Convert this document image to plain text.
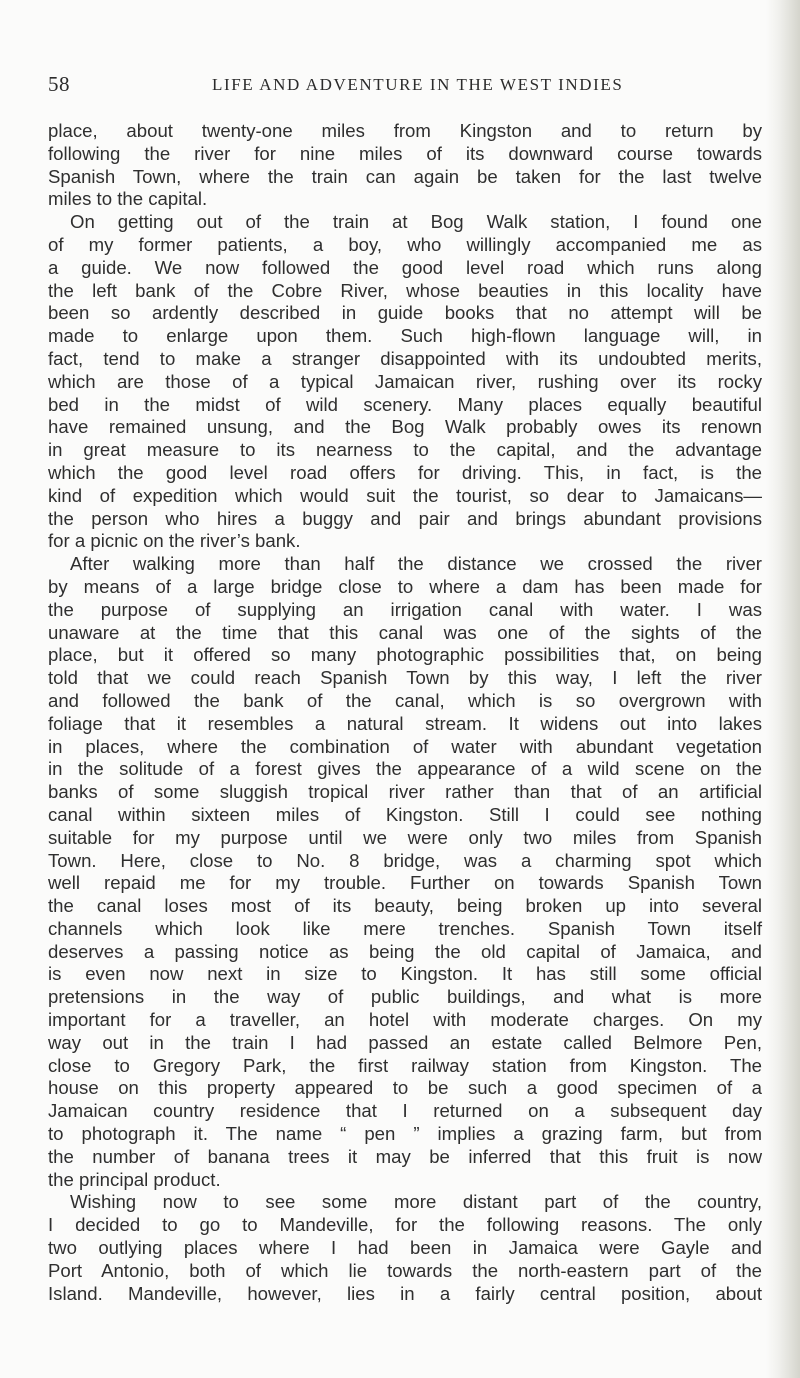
58	LIFE AND ADVENTURE IN THE WEST INDIES
place, about twenty-one miles from Kingston and to return by
following the river for nine miles of its downward course towards
Spanish Town, where the train can again be taken for the last twelve
miles to the capital.
On getting out of the train at Bog Walk station, I found one
of my former patients, a boy, who willingly accompanied me as
a guide. We now followed the good level road which runs along
the left bank of the Cobre River, whose beauties in this locality have
been so ardently described in guide books that no attempt will be
made to enlarge upon them. Such high-flown language will, in
fact, tend to make a stranger disappointed with its undoubted merits,
which are those of a typical Jamaican river, rushing over its rocky
bed in the midst of wild scenery. Many places equally beautiful
have remained unsung, and the Bog Walk probably owes its renown
in great measure to its nearness to the capital, and the advantage
which the good level road offers for driving. This, in fact, is the
kind of expedition which would suit the tourist, so dear to Jamaicans—
the person who hires a buggy and pair and brings abundant provisions
for a picnic on the river’s bank.
After walking more than half the distance we crossed the river
by means of a large bridge close to where a dam has been made for
the purpose of supplying an irrigation canal with water. I was
unaware at the time that this canal was one of the sights of the
place, but it offered so many photographic possibilities that, on being
told that we could reach Spanish Town by this way, I left the river
and followed the bank of the canal, which is so overgrown with
foliage that it resembles a natural stream. It widens out into lakes
in places, where the combination of water with abundant vegetation
in the solitude of a forest gives the appearance of a wild scene on the
banks of some sluggish tropical river rather than that of an artificial
canal within sixteen miles of Kingston. Still I could see nothing
suitable for my purpose until we were only two miles from Spanish
Town. Here, close to No. 8 bridge, was a charming spot which
well repaid me for my trouble. Further on towards Spanish Town
the canal loses most of its beauty, being broken up into several
channels which look like mere trenches. Spanish Town itself
deserves a passing notice as being the old capital of Jamaica, and
is even now next in size to Kingston. It has still some official
pretensions in the way of public buildings, and what is more
important for a traveller, an hotel with moderate charges. On my
way out in the train I had passed an estate called Belmore Pen,
close to Gregory Park, the first railway station from Kingston. The
house on this property appeared to be such a good specimen of a
Jamaican country residence that I returned on a subsequent day
to photograph it. The name “ pen ” implies a grazing farm, but from
the number of banana trees it may be inferred that this fruit is now
the principal product.
Wishing now to see some more distant part of the country,
I decided to go to Mandeville, for the following reasons. The only
two outlying places where I had been in Jamaica were Gayle and
Port Antonio, both of which lie towards the north-eastern part of the
Island. Mandeville, however, lies in a fairly central position, about
